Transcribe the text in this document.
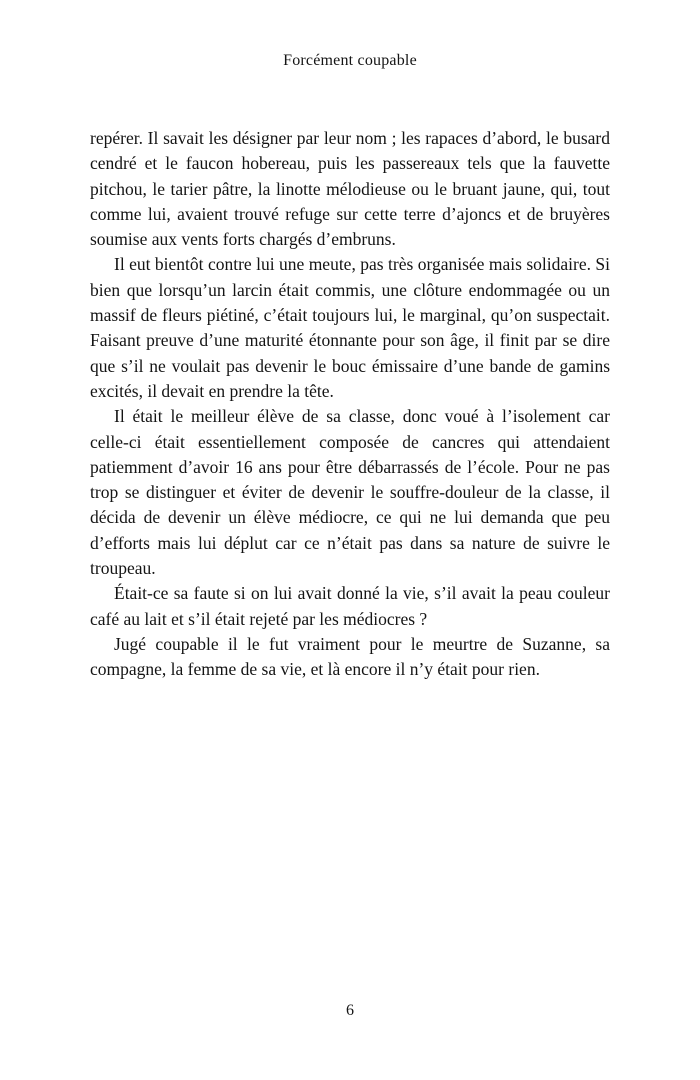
Forcément coupable

repérer. Il savait les désigner par leur nom ; les rapaces d’abord, le busard cendré et le faucon hobereau, puis les passereaux tels que la fauvette pitchou, le tarier pâtre, la linotte mélodieuse ou le bruant jaune, qui, tout comme lui, avaient trouvé refuge sur cette terre d’ajoncs et de bruyères soumise aux vents forts chargés d’embruns.

Il eut bientôt contre lui une meute, pas très organisée mais solidaire. Si bien que lorsqu’un larcin était commis, une clôture endommagée ou un massif de fleurs piétiné, c’était toujours lui, le marginal, qu’on suspectait. Faisant preuve d’une maturité étonnante pour son âge, il finit par se dire que s’il ne voulait pas devenir le bouc émissaire d’une bande de gamins excités, il devait en prendre la tête.

Il était le meilleur élève de sa classe, donc voué à l’isolement car celle-ci était essentiellement composée de cancres qui attendaient patiemment d’avoir 16 ans pour être débarrassés de l’école. Pour ne pas trop se distinguer et éviter de devenir le souffre-douleur de la classe, il décida de devenir un élève médiocre, ce qui ne lui demanda que peu d’efforts mais lui déplut car ce n’était pas dans sa nature de suivre le troupeau.

Était-ce sa faute si on lui avait donné la vie, s’il avait la peau couleur café au lait et s’il était rejeté par les médiocres ?

Jugé coupable il le fut vraiment pour le meurtre de Suzanne, sa compagne, la femme de sa vie, et là encore il n’y était pour rien.

6
